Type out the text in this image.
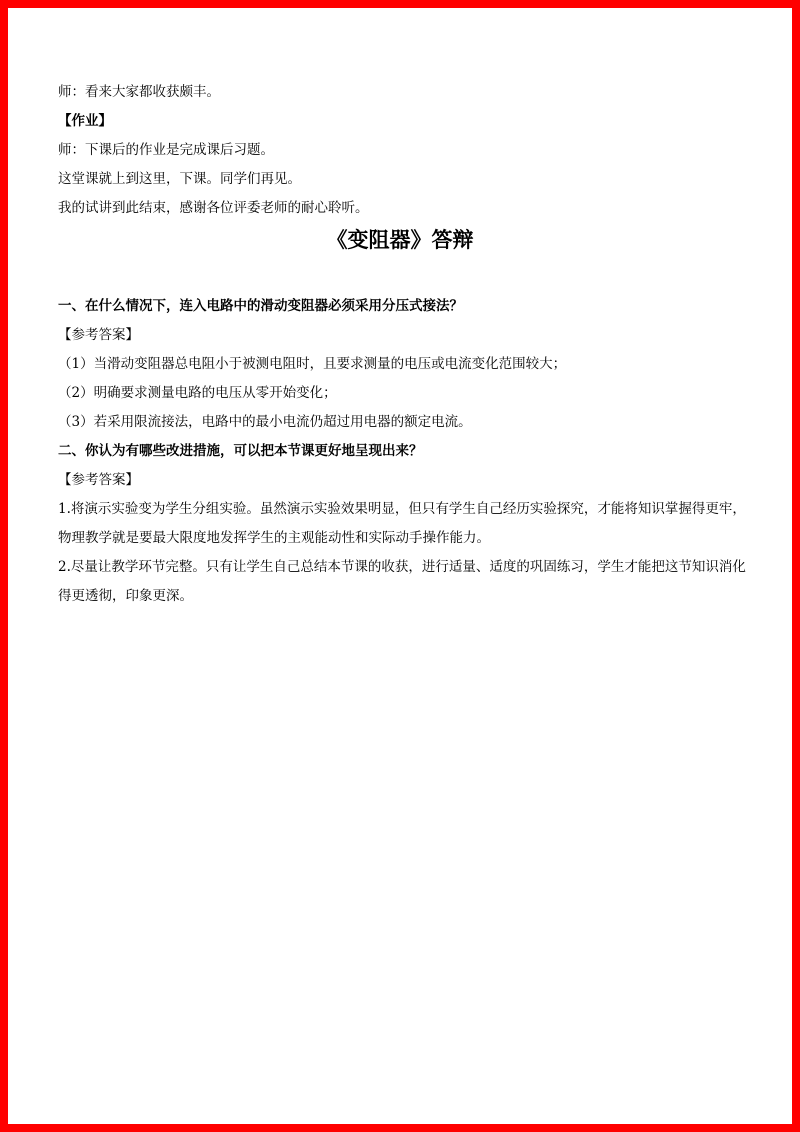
师：看来大家都收获颇丰。
【作业】
师：下课后的作业是完成课后习题。
这堂课就上到这里，下课。同学们再见。
我的试讲到此结束，感谢各位评委老师的耐心聆听。
《变阻器》答辩
一、在什么情况下，连入电路中的滑动变阻器必须采用分压式接法？
【参考答案】
（1）当滑动变阻器总电阻小于被测电阻时，且要求测量的电压或电流变化范围较大；
（2）明确要求测量电路的电压从零开始变化；
（3）若采用限流接法，电路中的最小电流仍超过用电器的额定电流。
二、你认为有哪些改进措施，可以把本节课更好地呈现出来？
【参考答案】
1.将演示实验变为学生分组实验。虽然演示实验效果明显，但只有学生自己经历实验探究，才能将知识掌握得更牢，物理教学就是要最大限度地发挥学生的主观能动性和实际动手操作能力。
2.尽量让教学环节完整。只有让学生自己总结本节课的收获，进行适量、适度的巩固练习，学生才能把这节知识消化得更透彻，印象更深。
